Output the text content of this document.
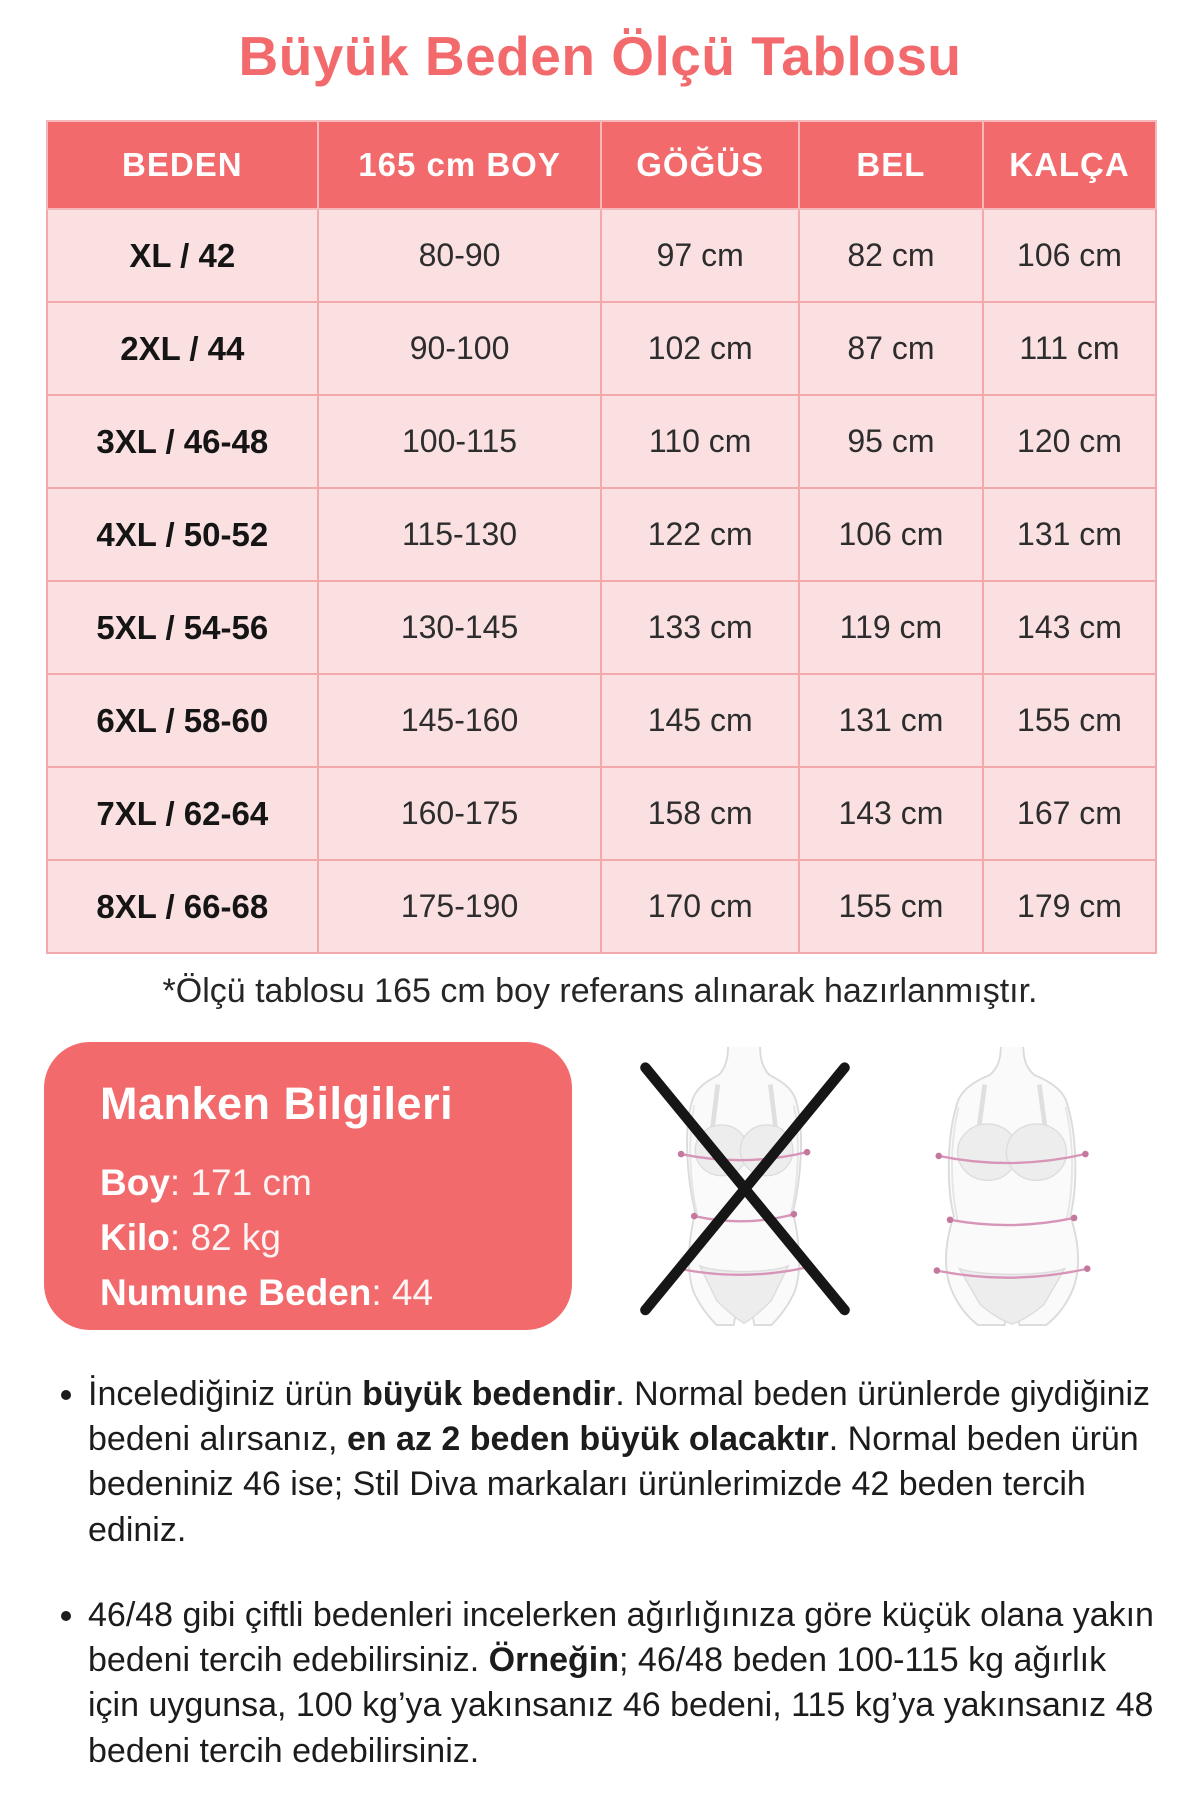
Büyük Beden Ölçü Tablosu
BEDEN	165 cm BOY	GÖĞÜS	BEL	KALÇA
XL / 42	80-90	97 cm	82 cm	106 cm
2XL / 44	90-100	102 cm	87 cm	111 cm
3XL / 46-48	100-115	110 cm	95 cm	120 cm
4XL / 50-52	115-130	122 cm	106 cm	131 cm
5XL / 54-56	130-145	133 cm	119 cm	143 cm
6XL / 58-60	145-160	145 cm	131 cm	155 cm
7XL / 62-64	160-175	158 cm	143 cm	167 cm
8XL / 66-68	175-190	170 cm	155 cm	179 cm
*Ölçü tablosu 165 cm boy referans alınarak hazırlanmıştır.
Manken Bilgileri
Boy: 171 cm
Kilo: 82 kg
Numune Beden: 44
• İncelediğiniz ürün büyük bedendir. Normal beden ürünlerde giydiğiniz bedeni alırsanız, en az 2 beden büyük olacaktır. Normal beden ürün bedeniniz 46 ise; Stil Diva markaları ürünlerimizde 42 beden tercih ediniz.
• 46/48 gibi çiftli bedenleri incelerken ağırlığınıza göre küçük olana yakın bedeni tercih edebilirsiniz. Örneğin; 46/48 beden 100-115 kg ağırlık için uygunsa, 100 kg’ya yakınsanız 46 bedeni, 115 kg’ya yakınsanız 48 bedeni tercih edebilirsiniz.
